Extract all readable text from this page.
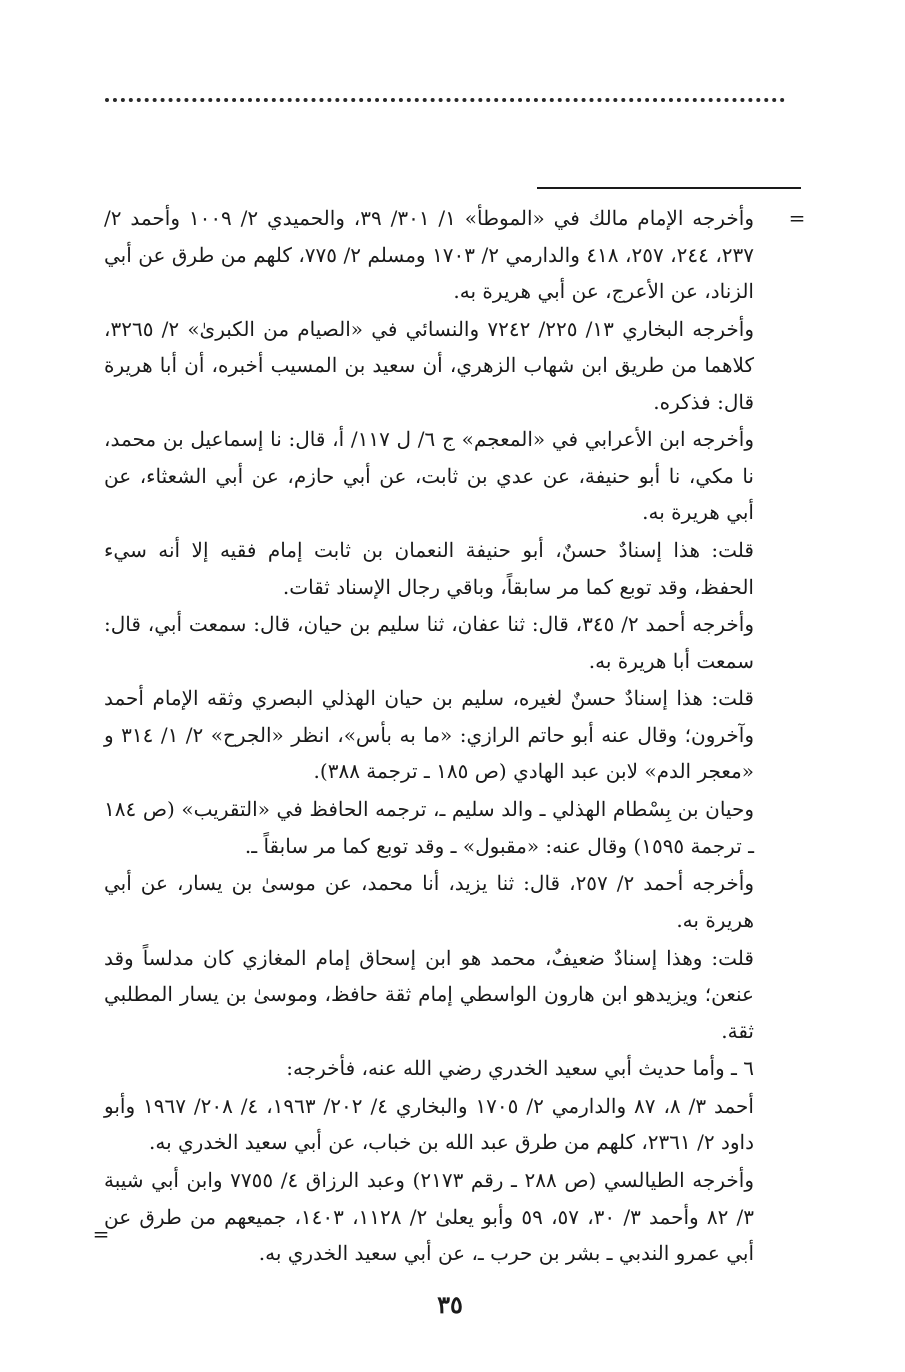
=

وأخرجه الإمام مالك في «الموطأ» ١/ ٣٠١/ ٣٩، والحميدي ٢/ ١٠٠٩ وأحمد ٢/ ٢٣٧، ٢٤٤، ٢٥٧، ٤١٨ والدارمي ٢/ ١٧٠٣ ومسلم ٢/ ٧٧٥، كلهم من طرق عن أبي الزناد، عن الأعرج، عن أبي هريرة به.

وأخرجه البخاري ١٣/ ٢٢٥/ ٧٢٤٢ والنسائي في «الصيام من الكبرىٰ» ٢/ ٣٢٦٥، كلاهما من طريق ابن شهاب الزهري، أن سعيد بن المسيب أخبره، أن أبا هريرة قال: فذكره.

وأخرجه ابن الأعرابي في «المعجم» ج ٦/ ل ١١٧/ أ، قال: نا إسماعيل بن محمد، نا مكي، نا أبو حنيفة، عن عدي بن ثابت، عن أبي حازم، عن أبي الشعثاء، عن أبي هريرة به.

قلت: هذا إسنادٌ حسنٌ، أبو حنيفة النعمان بن ثابت إمام فقيه إلا أنه سيء الحفظ، وقد توبع كما مر سابقاً، وباقي رجال الإسناد ثقات.

وأخرجه أحمد ٢/ ٣٤٥، قال: ثنا عفان، ثنا سليم بن حيان، قال: سمعت أبي، قال: سمعت أبا هريرة به.

قلت: هذا إسنادٌ حسنٌ لغيره، سليم بن حيان الهذلي البصري وثقه الإمام أحمد وآخرون؛ وقال عنه أبو حاتم الرازي: «ما به بأس»، انظر «الجرح» ٢/ ١/ ٣١٤ و «معجر الدم» لابن عبد الهادي (ص ١٨٥ ـ ترجمة ٣٨٨).

وحيان بن بِسْطام الهذلي ـ والد سليم ـ، ترجمه الحافظ في «التقريب» (ص ١٨٤ ـ ترجمة ١٥٩٥) وقال عنه: «مقبول» ـ وقد توبع كما مر سابقاً ـ.

وأخرجه أحمد ٢/ ٢٥٧، قال: ثنا يزيد، أنا محمد، عن موسىٰ بن يسار، عن أبي هريرة به.

قلت: وهذا إسنادٌ ضعيفٌ، محمد هو ابن إسحاق إمام المغازي كان مدلساً وقد عنعن؛ ويزيدهو ابن هارون الواسطي إمام ثقة حافظ، وموسىٰ بن يسار المطلبي ثقة.

٦ ـ وأما حديث أبي سعيد الخدري رضي الله عنه، فأخرجه:

أحمد ٣/ ٨، ٨٧ والدارمي ٢/ ١٧٠٥ والبخاري ٤/ ٢٠٢/ ١٩٦٣، ٤/ ٢٠٨/ ١٩٦٧ وأبو داود ٢/ ٢٣٦١، كلهم من طرق عبد الله بن خباب، عن أبي سعيد الخدري به.

وأخرجه الطيالسي (ص ٢٨٨ ـ رقم ٢١٧٣) وعبد الرزاق ٤/ ٧٧٥٥ وابن أبي شيبة ٣/ ٨٢ وأحمد ٣/ ٣٠، ٥٧، ٥٩ وأبو يعلىٰ ٢/ ١١٢٨، ١٤٠٣، جميعهم من طرق عن أبي عمرو الندبي ـ بشر بن حرب ـ، عن أبي سعيد الخدري به.

=
٣٥
